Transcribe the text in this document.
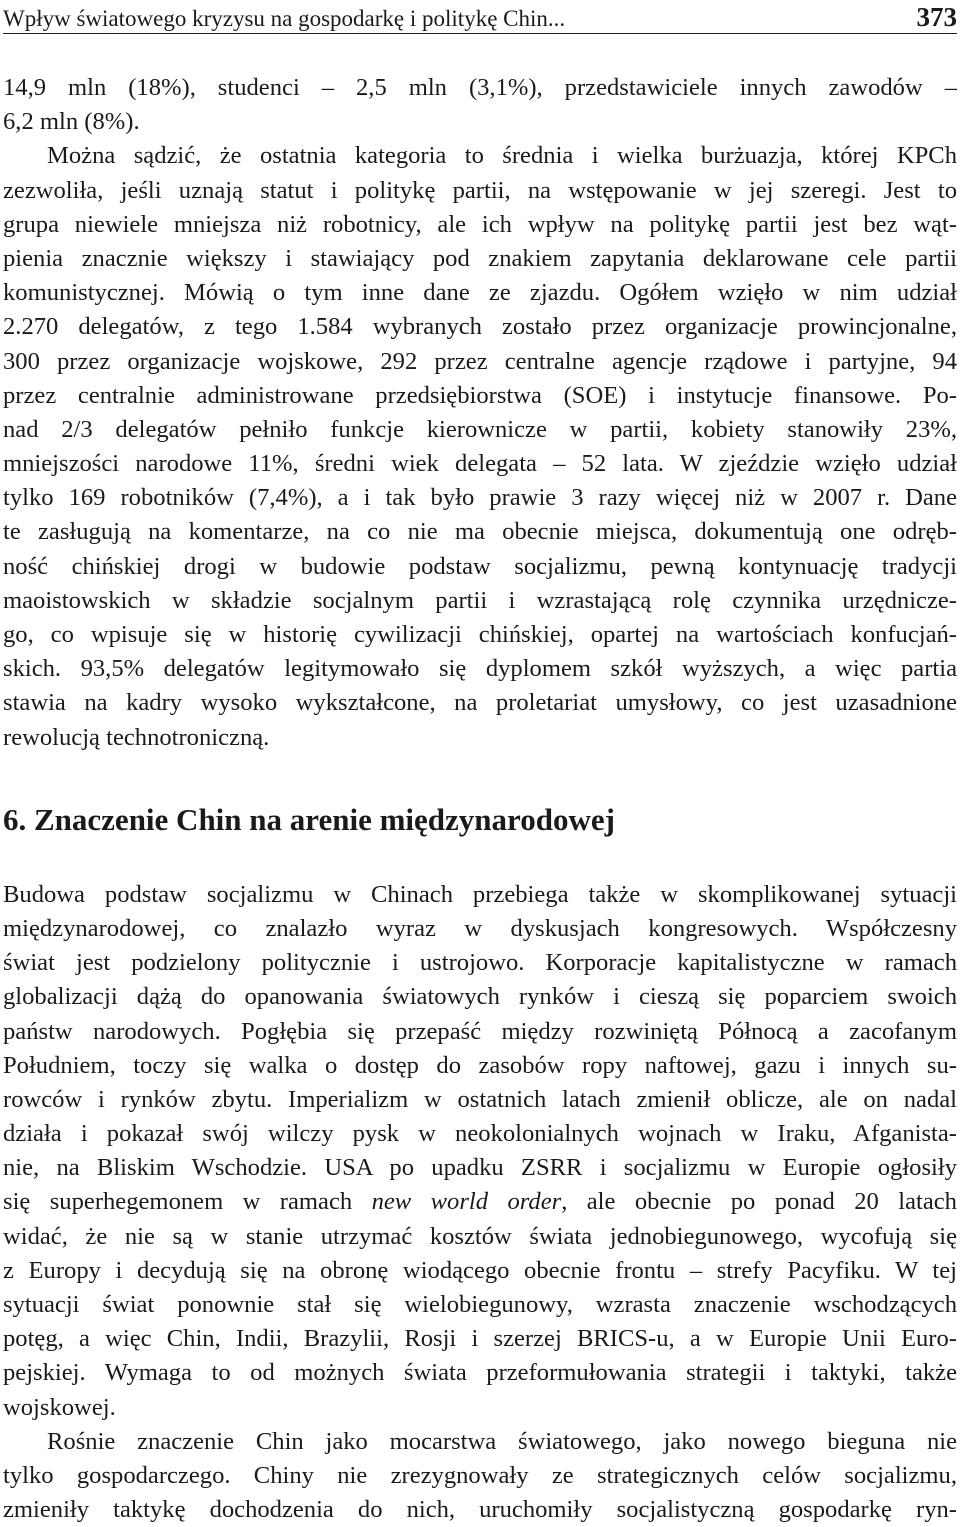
Wpływ światowego kryzysu na gospodarkę i politykę Chin...	373
14,9 mln (18%), studenci – 2,5 mln (3,1%), przedstawiciele innych zawodów –
6,2 mln (8%).
Można sądzić, że ostatnia kategoria to średnia i wielka burżuazja, której KPCh
zezwoliła, jeśli uznają statut i politykę partii, na wstępowanie w jej szeregi. Jest to
grupa niewiele mniejsza niż robotnicy, ale ich wpływ na politykę partii jest bez wąt-
pienia znacznie większy i stawiający pod znakiem zapytania deklarowane cele partii
komunistycznej. Mówią o tym inne dane ze zjazdu. Ogółem wzięło w nim udział
2.270 delegatów, z tego 1.584 wybranych zostało przez organizacje prowincjonalne,
300 przez organizacje wojskowe, 292 przez centralne agencje rządowe i partyjne, 94
przez centralnie administrowane przedsiębiorstwa (SOE) i instytucje finansowe. Po-
nad 2/3 delegatów pełniło funkcje kierownicze w partii, kobiety stanowiły 23%,
mniejszości narodowe 11%, średni wiek delegata – 52 lata. W zjeździe wzięło udział
tylko 169 robotników (7,4%), a i tak było prawie 3 razy więcej niż w 2007 r. Dane
te zasługują na komentarze, na co nie ma obecnie miejsca, dokumentują one odręb-
ność chińskiej drogi w budowie podstaw socjalizmu, pewną kontynuację tradycji
maoistowskich w składzie socjalnym partii i wzrastającą rolę czynnika urzędnicze-
go, co wpisuje się w historię cywilizacji chińskiej, opartej na wartościach konfucjań-
skich. 93,5% delegatów legitymowało się dyplomem szkół wyższych, a więc partia
stawia na kadry wysoko wykształcone, na proletariat umysłowy, co jest uzasadnione
rewolucją technotroniczną.
6. Znaczenie Chin na arenie międzynarodowej
Budowa podstaw socjalizmu w Chinach przebiega także w skomplikowanej sytuacji
międzynarodowej, co znalazło wyraz w dyskusjach kongresowych. Współczesny
świat jest podzielony politycznie i ustrojowo. Korporacje kapitalistyczne w ramach
globalizacji dążą do opanowania światowych rynków i cieszą się poparciem swoich
państw narodowych. Pogłębia się przepaść między rozwiniętą Północą a zacofanym
Południem, toczy się walka o dostęp do zasobów ropy naftowej, gazu i innych su-
rowców i rynków zbytu. Imperializm w ostatnich latach zmienił oblicze, ale on nadal
działa i pokazał swój wilczy pysk w neokolonialnych wojnach w Iraku, Afganista-
nie, na Bliskim Wschodzie. USA po upadku ZSRR i socjalizmu w Europie ogłosiły
się superhegemonem w ramach new world order, ale obecnie po ponad 20 latach
widać, że nie są w stanie utrzymać kosztów świata jednobiegunowego, wycofują się
z Europy i decydują się na obronę wiodącego obecnie frontu – strefy Pacyfiku. W tej
sytuacji świat ponownie stał się wielobiegunowy, wzrasta znaczenie wschodzących
potęg, a więc Chin, Indii, Brazylii, Rosji i szerzej BRICS-u, a w Europie Unii Euro-
pejskiej. Wymaga to od możnych świata przeformułowania strategii i taktyki, także
wojskowej.
Rośnie znaczenie Chin jako mocarstwa światowego, jako nowego bieguna nie
tylko gospodarczego. Chiny nie zrezygnowały ze strategicznych celów socjalizmu,
zmieniły taktykę dochodzenia do nich, uruchomiły socjalistyczną gospodarkę ryn-
